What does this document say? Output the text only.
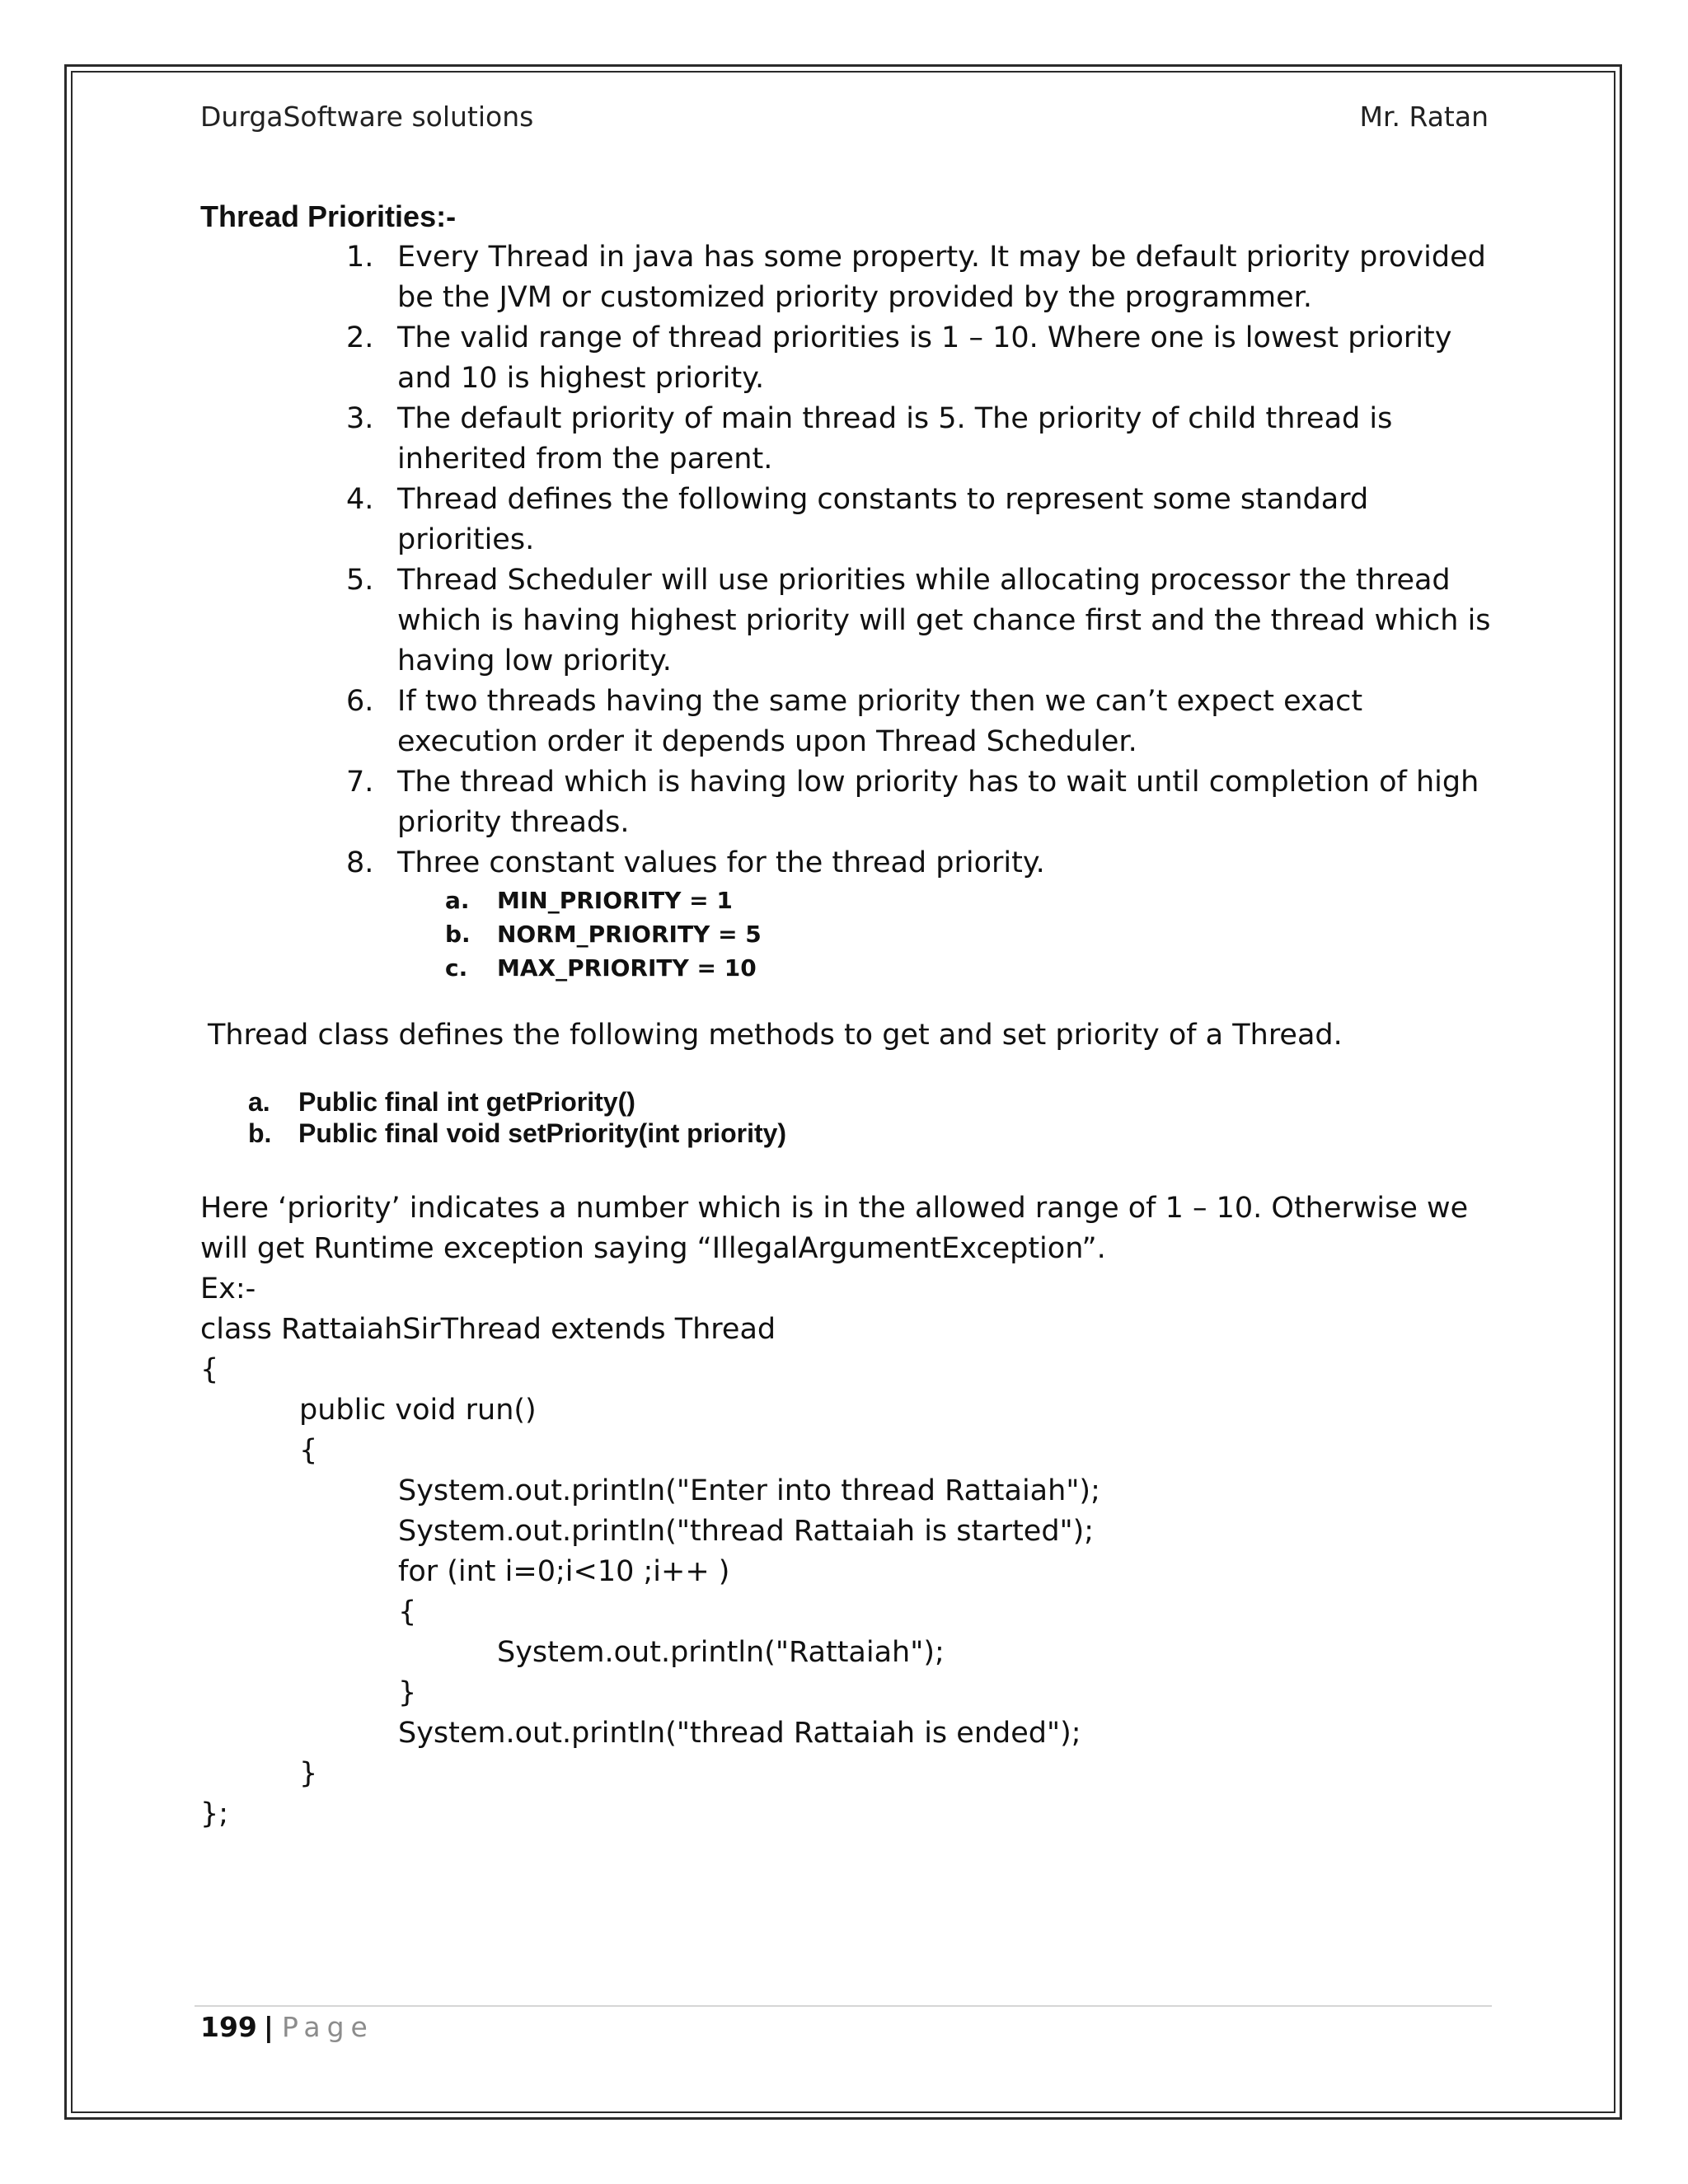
DurgaSoftware solutions	Mr. Ratan
Thread Priorities:-
1. Every Thread in java has some property. It may be default priority provided be the JVM or customized priority provided by the programmer.
2. The valid range of thread priorities is 1 – 10. Where one is lowest priority and 10 is highest priority.
3. The default priority of main thread is 5. The priority of child thread is inherited from the parent.
4. Thread defines the following constants to represent some standard priorities.
5. Thread Scheduler will use priorities while allocating processor the thread which is having highest priority will get chance first and the thread which is having low priority.
6. If two threads having the same priority then we can’t expect exact execution order it depends upon Thread Scheduler.
7. The thread which is having low priority has to wait until completion of high priority threads.
8. Three constant values for the thread priority.
a. MIN_PRIORITY = 1
b. NORM_PRIORITY = 5
c. MAX_PRIORITY = 10
Thread class defines the following methods to get and set priority of a Thread.
a. Public final int getPriority()
b. Public final void setPriority(int priority)

Here ‘priority’ indicates a number which is in the allowed range of 1 – 10. Otherwise we will get Runtime exception saying “IllegalArgumentException”.

Ex:-
class RattaiahSirThread extends Thread
{
public void run()
{
System.out.println("Enter into thread Rattaiah");
System.out.println("thread Rattaiah is started");
for (int i=0;i<10 ;i++ )
{
System.out.println("Rattaiah");
}
System.out.println("thread Rattaiah is ended");
}
};
199 | Page
